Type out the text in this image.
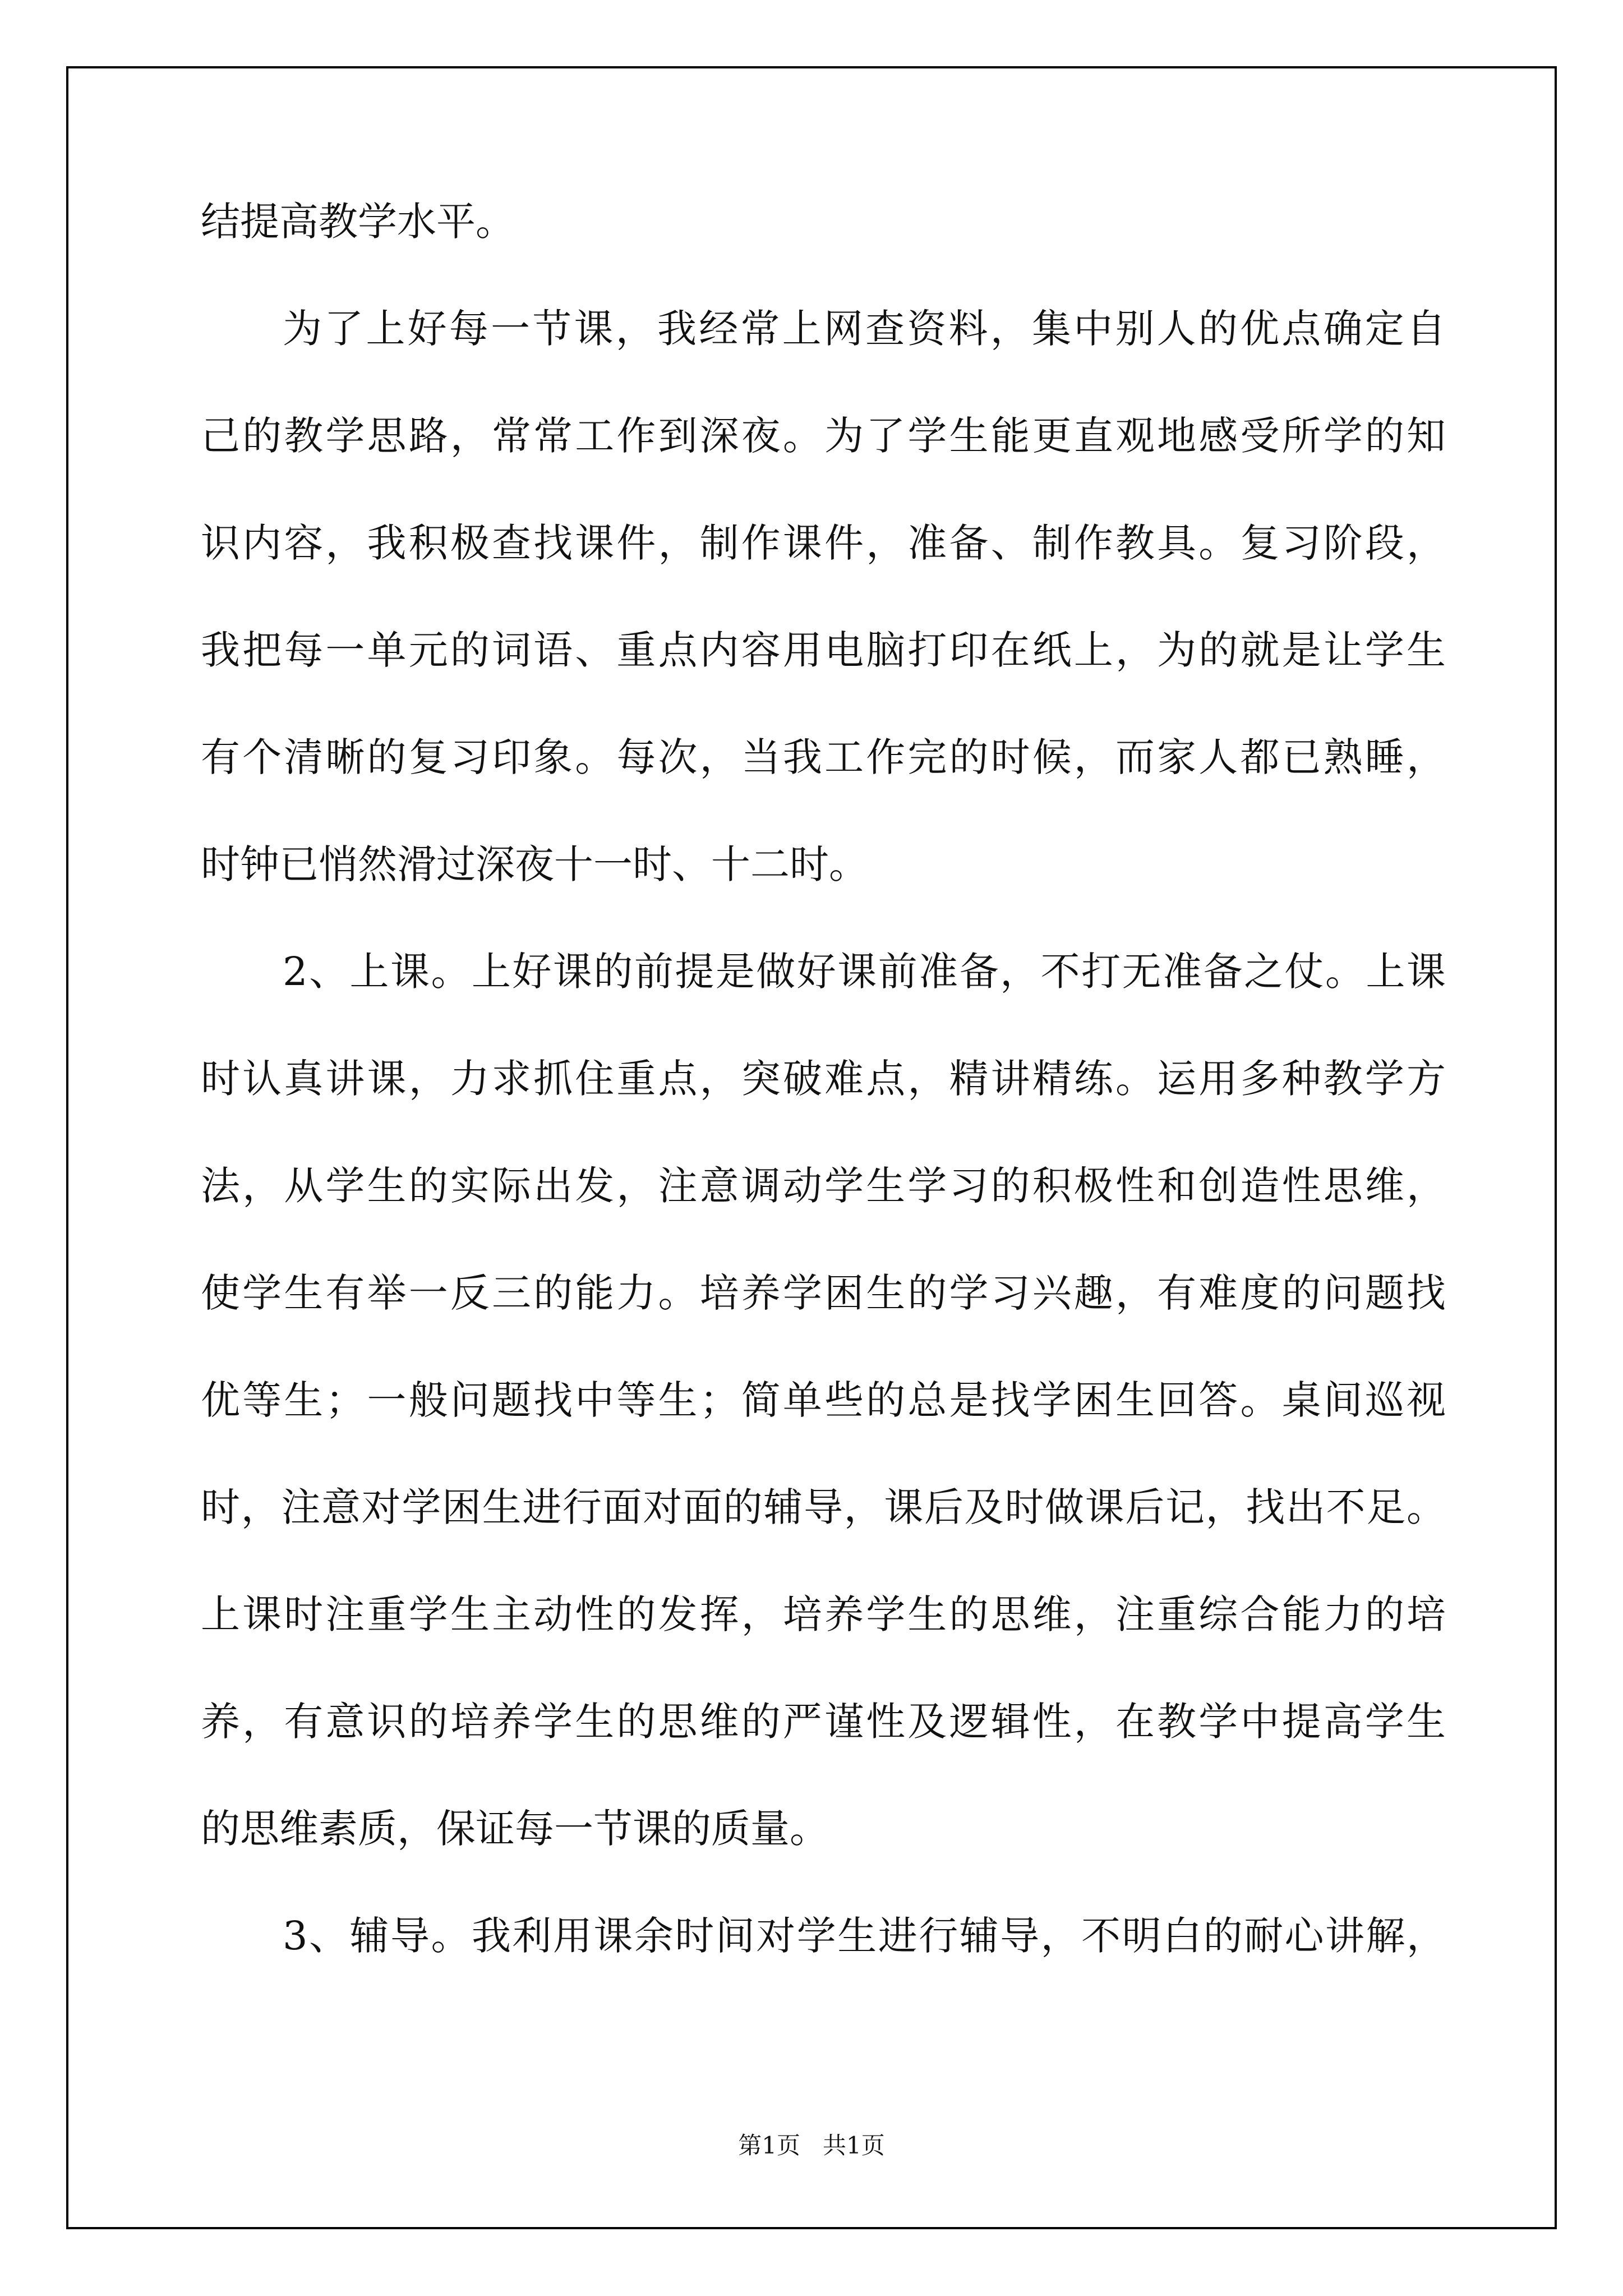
结提高教学水平。
为了上好每一节课，我经常上网查资料，集中别人的优点确定自
己的教学思路，常常工作到深夜。为了学生能更直观地感受所学的知
识内容，我积极查找课件，制作课件，准备、制作教具。复习阶段，
我把每一单元的词语、重点内容用电脑打印在纸上，为的就是让学生
有个清晰的复习印象。每次，当我工作完的时候，而家人都已熟睡，
时钟已悄然滑过深夜十一时、十二时。
2、上课。上好课的前提是做好课前准备，不打无准备之仗。上课
时认真讲课，力求抓住重点，突破难点，精讲精练。运用多种教学方
法，从学生的实际出发，注意调动学生学习的积极性和创造性思维，
使学生有举一反三的能力。培养学困生的学习兴趣，有难度的问题找
优等生；一般问题找中等生；简单些的总是找学困生回答。桌间巡视
时，注意对学困生进行面对面的辅导，课后及时做课后记，找出不足。
上课时注重学生主动性的发挥，培养学生的思维，注重综合能力的培
养，有意识的培养学生的思维的严谨性及逻辑性，在教学中提高学生
的思维素质，保证每一节课的质量。
3、辅导。我利用课余时间对学生进行辅导，不明白的耐心讲解，
第1页   共1页
